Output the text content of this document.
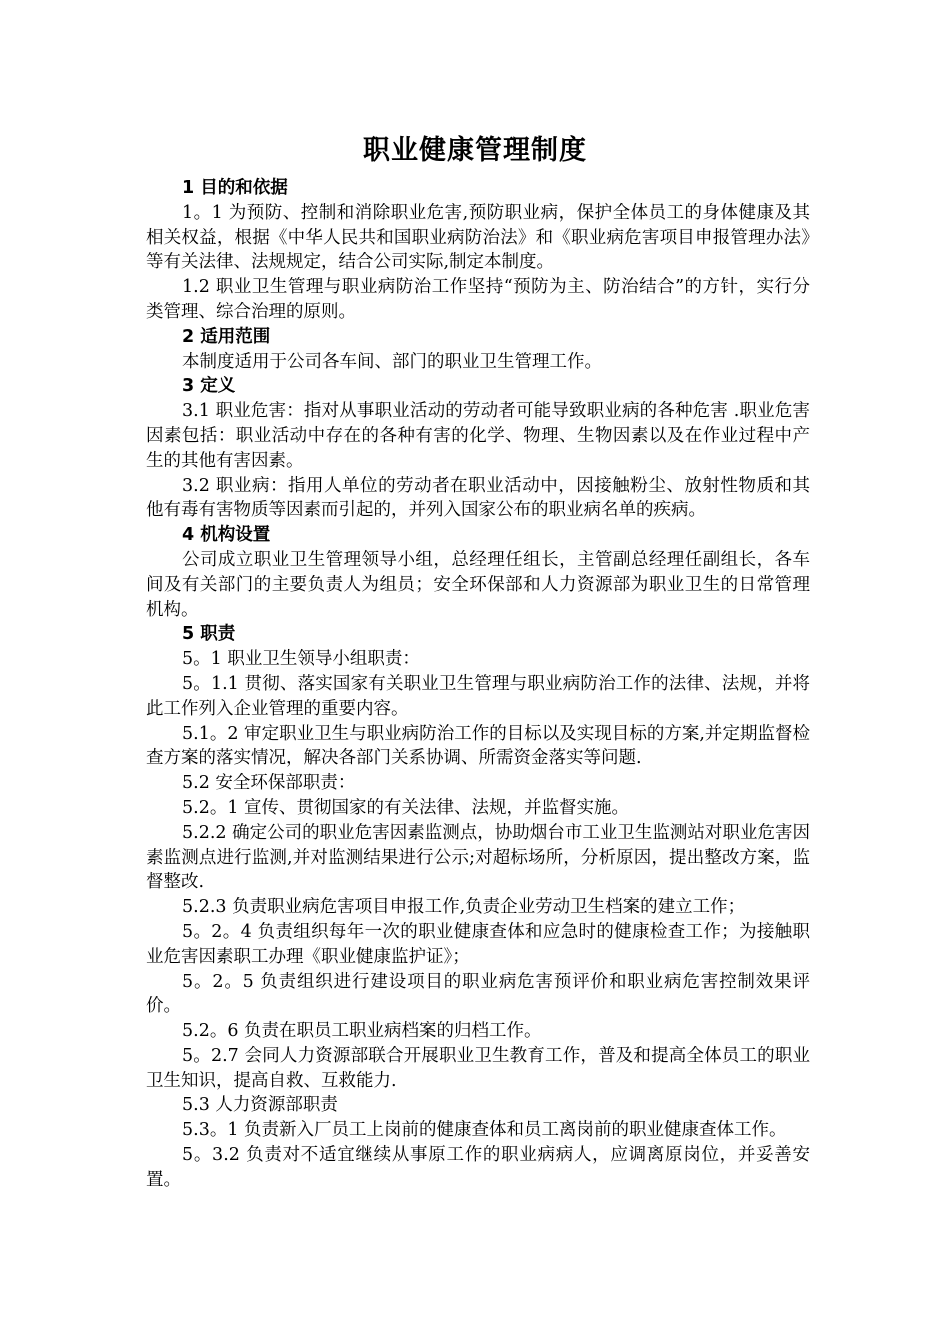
职业健康管理制度

1 目的和依据

1。1 为预防、控制和消除职业危害,预防职业病，保护全体员工的身体健康及其相关权益，根据《中华人民共和国职业病防治法》和《职业病危害项目申报管理办法》等有关法律、法规规定，结合公司实际,制定本制度。

1.2 职业卫生管理与职业病防治工作坚持“预防为主、防治结合”的方针，实行分类管理、综合治理的原则。

2 适用范围

本制度适用于公司各车间、部门的职业卫生管理工作。

3 定义

3.1 职业危害：指对从事职业活动的劳动者可能导致职业病的各种危害 .职业危害因素包括：职业活动中存在的各种有害的化学、物理、生物因素以及在作业过程中产生的其他有害因素。

3.2 职业病：指用人单位的劳动者在职业活动中，因接触粉尘、放射性物质和其他有毒有害物质等因素而引起的，并列入国家公布的职业病名单的疾病。

4 机构设置

公司成立职业卫生管理领导小组，总经理任组长，主管副总经理任副组长，各车间及有关部门的主要负责人为组员；安全环保部和人力资源部为职业卫生的日常管理机构。

5 职责

5。1 职业卫生领导小组职责：

5。1.1 贯彻、落实国家有关职业卫生管理与职业病防治工作的法律、法规，并将此工作列入企业管理的重要内容。

5.1。2 审定职业卫生与职业病防治工作的目标以及实现目标的方案,并定期监督检查方案的落实情况，解决各部门关系协调、所需资金落实等问题.

5.2 安全环保部职责：

5.2。1 宣传、贯彻国家的有关法律、法规，并监督实施。

5.2.2 确定公司的职业危害因素监测点，协助烟台市工业卫生监测站对职业危害因素监测点进行监测,并对监测结果进行公示;对超标场所，分析原因，提出整改方案，监督整改.

5.2.3 负责职业病危害项目申报工作,负责企业劳动卫生档案的建立工作；

5。2。4 负责组织每年一次的职业健康查体和应急时的健康检查工作；为接触职业危害因素职工办理《职业健康监护证》；

5。2。5 负责组织进行建设项目的职业病危害预评价和职业病危害控制效果评价。

5.2。6 负责在职员工职业病档案的归档工作。

5。2.7 会同人力资源部联合开展职业卫生教育工作，普及和提高全体员工的职业卫生知识，提高自救、互救能力.

5.3 人力资源部职责

5.3。1 负责新入厂员工上岗前的健康查体和员工离岗前的职业健康查体工作。

5。3.2 负责对不适宜继续从事原工作的职业病病人，应调离原岗位，并妥善安置。
